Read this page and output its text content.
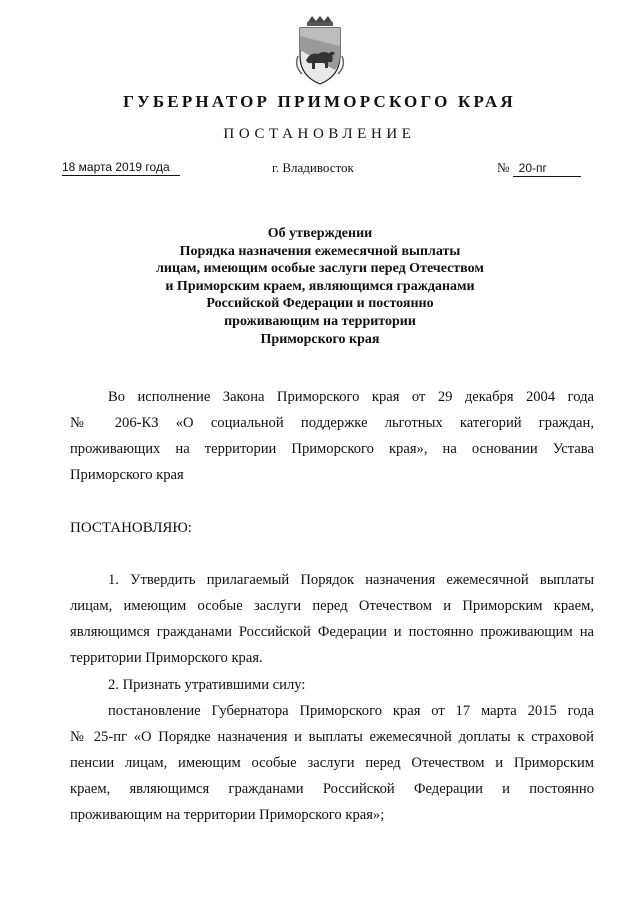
ГУБЕРНАТОР ПРИМОРСКОГО КРАЯ
ПОСТАНОВЛЕНИЕ
18 марта 2019 года	г. Владивосток	№ 20-пг
Об утверждении
Порядка назначения ежемесячной выплаты
лицам, имеющим особые заслуги перед Отечеством
и Приморским краем, являющимся гражданами
Российской Федерации и постоянно
проживающим на территории
Приморского края
Во исполнение Закона Приморского края от 29 декабря 2004 года
№ 206-КЗ «О социальной поддержке льготных категорий граждан,
проживающих на территории Приморского края», на основании Устава
Приморского края
ПОСТАНОВЛЯЮ:
1. Утвердить прилагаемый Порядок назначения ежемесячной выплаты
лицам, имеющим особые заслуги перед Отечеством и Приморским краем,
являющимся гражданами Российской Федерации и постоянно проживающим на
территории Приморского края.
2. Признать утратившими силу:
постановление Губернатора Приморского края от 17 марта 2015 года
№ 25-пг «О Порядке назначения и выплаты ежемесячной доплаты к страховой
пенсии лицам, имеющим особые заслуги перед Отечеством и Приморским
краем, являющимся гражданами Российской Федерации и постоянно
проживающим на территории Приморского края»;
